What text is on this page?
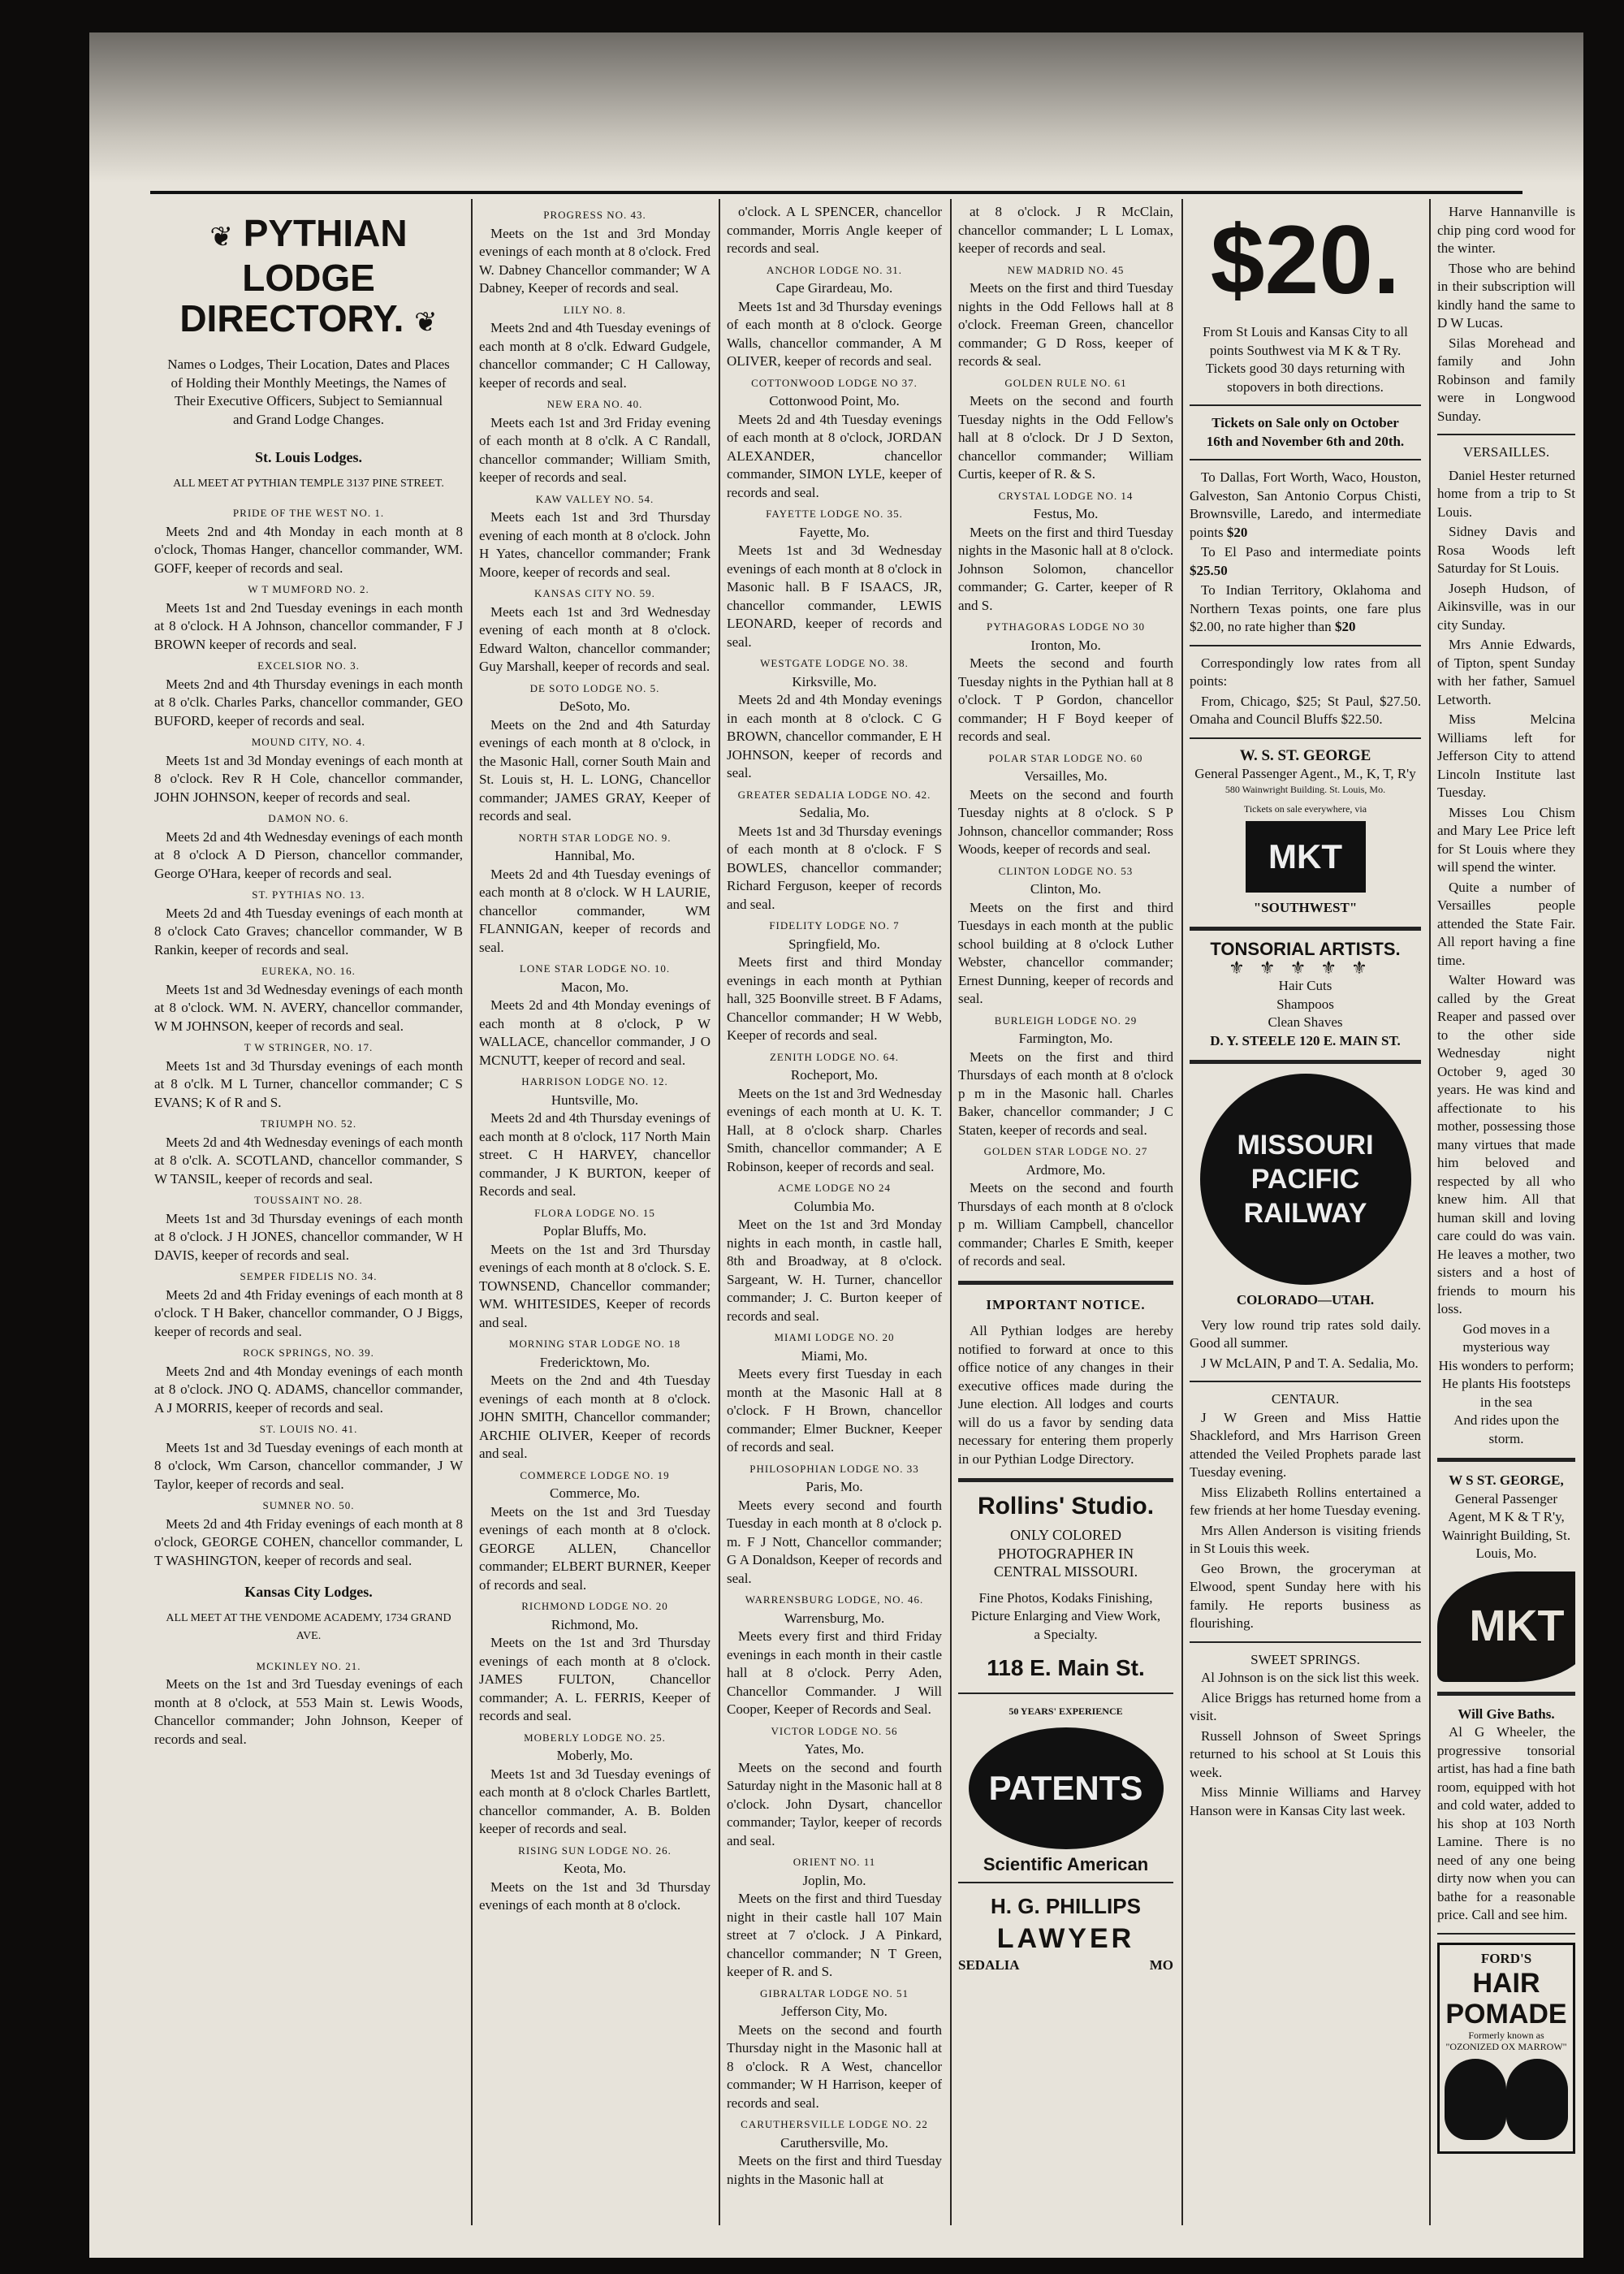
❦ PYTHIAN LODGE DIRECTORY. ❦
Names o Lodges, Their Location, Dates and Places of Holding their Monthly Meetings, the Names of Their Executive Officers, Subject to Semiannual and Grand Lodge Changes.
St. Louis Lodges.
ALL MEET AT PYTHIAN TEMPLE 3137 PINE STREET.
PRIDE OF THE WEST NO. 1.

Meets 2nd and 4th Monday in each month at 8 o'clock, Thomas Hanger, chancellor commander, WM. GOFF, keeper of records and seal.

W T MUMFORD NO. 2.

Meets 1st and 2nd Tuesday evenings in each month at 8 o'clock. H A Johnson, chancellor commander, F J BROWN keeper of records and seal.

EXCELSIOR NO. 3.

Meets 2nd and 4th Thursday evenings in each month at 8 o'clk. Charles Parks, chancellor commander, GEO BUFORD, keeper of records and seal.

MOUND CITY, NO. 4.

Meets 1st and 3d Monday evenings of each month at 8 o'clock. Rev R H Cole, chancellor commander, JOHN JOHNSON, keeper of records and seal.

DAMON NO. 6.

Meets 2d and 4th Wednesday evenings of each month at 8 o'clock A D Pierson, chancellor commander, George O'Hara, keeper of records and seal.

ST. PYTHIAS NO. 13.

Meets 2d and 4th Tuesday evenings of each month at 8 o'clock Cato Graves; chancellor commander, W B Rankin, keeper of records and seal.

EUREKA, NO. 16.

Meets 1st and 3d Wednesday evenings of each month at 8 o'clock. WM. N. AVERY, chancellor commander, W M JOHNSON, keeper of records and seal.

T W STRINGER, NO. 17.

Meets 1st and 3d Thursday evenings of each month at 8 o'clk. M L Turner, chancellor commander; C S EVANS; K of R and S.

TRIUMPH NO. 52.

Meets 2d and 4th Wednesday evenings of each month at 8 o'clk. A. SCOTLAND, chancellor commander, S W TANSIL, keeper of records and seal.

TOUSSAINT NO. 28.

Meets 1st and 3d Thursday evenings of each month at 8 o'clock. J H JONES, chancellor commander, W H DAVIS, keeper of records and seal.

SEMPER FIDELIS NO. 34.

Meets 2d and 4th Friday evenings of each month at 8 o'clock. T H Baker, chancellor commander, O J Biggs, keeper of records and seal.

ROCK SPRINGS, NO. 39.

Meets 2nd and 4th Monday evenings of each month at 8 o'clock. JNO Q. ADAMS, chancellor commander, A J MORRIS, keeper of records and seal.

ST. LOUIS NO. 41.

Meets 1st and 3d Tuesday evenings of each month at 8 o'clock, Wm Carson, chancellor commander, J W Taylor, keeper of records and seal.

SUMNER NO. 50.

Meets 2d and 4th Friday evenings of each month at 8 o'clock, GEORGE COHEN, chancellor commander, L T WASHINGTON, keeper of records and seal.

Kansas City Lodges.
ALL MEET AT THE VENDOME ACADEMY, 1734 GRAND AVE.
MCKINLEY NO. 21.

Meets on the 1st and 3rd Tuesday evenings of each month at 8 o'clock, at 553 Main st. Lewis Woods, Chancellor commander; John Johnson, Keeper of records and seal.

PROGRESS NO. 43.

Meets on the 1st and 3rd Monday evenings of each month at 8 o'clock. Fred W. Dabney Chancellor commander; W A Dabney, Keeper of records and seal.

LILY NO. 8.

Meets 2nd and 4th Tuesday evenings of each month at 8 o'clk. Edward Gudgele, chancellor commander; C H Calloway, keeper of records and seal.

NEW ERA NO. 40.

Meets each 1st and 3rd Friday evening of each month at 8 o'clk. A C Randall, chancellor commander; William Smith, keeper of records and seal.

KAW VALLEY NO. 54.

Meets each 1st and 3rd Thursday evening of each month at 8 o'clock. John H Yates, chancellor commander; Frank Moore, keeper of records and seal.

KANSAS CITY NO. 59.

Meets each 1st and 3rd Wednesday evening of each month at 8 o'clock. Edward Walton, chancellor commander; Guy Marshall, keeper of records and seal.

DE SOTO LODGE NO. 5.
DeSoto, Mo.

Meets on the 2nd and 4th Saturday evenings of each month at 8 o'clock, in the Masonic Hall, corner South Main and St. Louis st, H. L. LONG, Chancellor commander; JAMES GRAY, Keeper of records and seal.

NORTH STAR LODGE NO. 9.
Hannibal, Mo.

Meets 2d and 4th Tuesday evenings of each month at 8 o'clock. W H LAURIE, chancellor commander, WM FLANNIGAN, keeper of records and seal.

LONE STAR LODGE NO. 10.
Macon, Mo.

Meets 2d and 4th Monday evenings of each month at 8 o'clock, P W WALLACE, chancellor commander, J O MCNUTT, keeper of record and seal.

HARRISON LODGE NO. 12.
Huntsville, Mo.

Meets 2d and 4th Thursday evenings of each month at 8 o'clock, 117 North Main street. C H HARVEY, chancellor commander, J K BURTON, keeper of Records and seal.

FLORA LODGE NO. 15
Poplar Bluffs, Mo.

Meets on the 1st and 3rd Thursday evenings of each month at 8 o'clock. S. E. TOWNSEND, Chancellor commander; WM. WHITESIDES, Keeper of records and seal.

MORNING STAR LODGE NO. 18
Fredericktown, Mo.

Meets on the 2nd and 4th Tuesday evenings of each month at 8 o'clock. JOHN SMITH, Chancellor commander; ARCHIE OLIVER, Keeper of records and seal.

COMMERCE LODGE NO. 19
Commerce, Mo.

Meets on the 1st and 3rd Tuesday evenings of each month at 8 o'clock. GEORGE ALLEN, Chancellor commander; ELBERT BURNER, Keeper of records and seal.

RICHMOND LODGE NO. 20
Richmond, Mo.

Meets on the 1st and 3rd Thursday evenings of each month at 8 o'clock. JAMES FULTON, Chancellor commander; A. L. FERRIS, Keeper of records and seal.

MOBERLY LODGE NO. 25.
Moberly, Mo.

Meets 1st and 3d Tuesday evenings of each month at 8 o'clock Charles Bartlett, chancellor commander, A. B. Bolden keeper of records and seal.

RISING SUN LODGE NO. 26.
Keota, Mo.

Meets on the 1st and 3d Thursday evenings of each month at 8 o'clock.

o'clock. A L SPENCER, chancellor commander, Morris Angle keeper of records and seal.

ANCHOR LODGE NO. 31.
Cape Girardeau, Mo.

Meets 1st and 3d Thursday evenings of each month at 8 o'clock. George Walls, chancellor commander, A M OLIVER, keeper of records and seal.

COTTONWOOD LODGE NO 37.
Cottonwood Point, Mo.

Meets 2d and 4th Tuesday evenings of each month at 8 o'clock, JORDAN ALEXANDER, chancellor commander, SIMON LYLE, keeper of records and seal.

FAYETTE LODGE NO. 35.
Fayette, Mo.

Meets 1st and 3d Wednesday evenings of each month at 8 o'clock in Masonic hall. B F ISAACS, JR, chancellor commander, LEWIS LEONARD, keeper of records and seal.

WESTGATE LODGE NO. 38.
Kirksville, Mo.

Meets 2d and 4th Monday evenings in each month at 8 o'clock. C G BROWN, chancellor commander, E H JOHNSON, keeper of records and seal.

GREATER SEDALIA LODGE NO. 42.
Sedalia, Mo.

Meets 1st and 3d Thursday evenings of each month at 8 o'clock. F S BOWLES, chancellor commander; Richard Ferguson, keeper of records and seal.

FIDELITY LODGE NO. 7
Springfield, Mo.

Meets first and third Monday evenings in each month at Pythian hall, 325 Boonville street. B F Adams, Chancellor commander; H W Webb, Keeper of records and seal.

ZENITH LODGE NO. 64.
Rocheport, Mo.

Meets on the 1st and 3rd Wednesday evenings of each month at U. K. T. Hall, at 8 o'clock sharp. Charles Smith, chancellor commander; A E Robinson, keeper of records and seal.

ACME LODGE NO 24
Columbia Mo.

Meet on the 1st and 3rd Monday nights in each month, in castle hall, 8th and Broadway, at 8 o'clock. Sargeant, W. H. Turner, chancellor commander; J. C. Burton keeper of records and seal.

MIAMI LODGE NO. 20
Miami, Mo.

Meets every first Tuesday in each month at the Masonic Hall at 8 o'clock. F H Brown, chancellor commander; Elmer Buckner, Keeper of records and seal.

PHILOSOPHIAN LODGE NO. 33
Paris, Mo.

Meets every second and fourth Tuesday in each month at 8 o'clock p. m. F J Nott, Chancellor commander; G A Donaldson, Keeper of records and seal.

WARRENSBURG LODGE, NO. 46.
Warrensburg, Mo.

Meets every first and third Friday evenings in each month in their castle hall at 8 o'clock. Perry Aden, Chancellor Commander. J Will Cooper, Keeper of Records and Seal.

VICTOR LODGE NO. 56
Yates, Mo.

Meets on the second and fourth Saturday night in the Masonic hall at 8 o'clock. John Dysart, chancellor commander; Taylor, keeper of records and seal.

ORIENT NO. 11
Joplin, Mo.

Meets on the first and third Tuesday night in their castle hall 107 Main street at 7 o'clock. J A Pinkard, chancellor commander; N T Green, keeper of R. and S.

GIBRALTAR LODGE NO. 51
Jefferson City, Mo.

Meets on the second and fourth Thursday night in the Masonic hall at 8 o'clock. R A West, chancellor commander; W H Harrison, keeper of records and seal.

CARUTHERSVILLE LODGE NO. 22
Caruthersville, Mo.

Meets on the first and third Tuesday nights in the Masonic hall at

at 8 o'clock. J R McClain, chancellor commander; L L Lomax, keeper of records and seal.

NEW MADRID NO. 45

Meets on the first and third Tuesday nights in the Odd Fellows hall at 8 o'clock. Freeman Green, chancellor commander; G D Ross, keeper of records & seal.

GOLDEN RULE NO. 61

Meets on the second and fourth Tuesday nights in the Odd Fellow's hall at 8 o'clock. Dr J D Sexton, chancellor commander; William Curtis, keeper of R. & S.

CRYSTAL LODGE NO. 14
Festus, Mo.

Meets on the first and third Tuesday nights in the Masonic hall at 8 o'clock. Johnson Solomon, chancellor commander; G. Carter, keeper of R and S.

PYTHAGORAS LODGE NO 30
Ironton, Mo.

Meets the second and fourth Tuesday nights in the Pythian hall at 8 o'clock. T P Gordon, chancellor commander; H F Boyd keeper of records and seal.

POLAR STAR LODGE NO. 60
Versailles, Mo.

Meets on the second and fourth Tuesday nights at 8 o'clock. S P Johnson, chancellor commander; Ross Woods, keeper of records and seal.

CLINTON LODGE NO. 53
Clinton, Mo.

Meets on the first and third Tuesdays in each month at the public school building at 8 o'clock Luther Webster, chancellor commander; Ernest Dunning, keeper of records and seal.

BURLEIGH LODGE NO. 29
Farmington, Mo.

Meets on the first and third Thursdays of each month at 8 o'clock p m in the Masonic hall. Charles Baker, chancellor commander; J C Staten, keeper of records and seal.

GOLDEN STAR LODGE NO. 27
Ardmore, Mo.

Meets on the second and fourth Thursdays of each month at 8 o'clock p m. William Campbell, chancellor commander; Charles E Smith, keeper of records and seal.

IMPORTANT NOTICE.

All Pythian lodges are hereby notified to forward at once to this office notice of any changes in their executive offices made during the June election. All lodges and courts will do us a favor by sending data necessary for entering them properly in our Pythian Lodge Directory.

Rollins' Studio.
ONLY COLORED PHOTOGRAPHER IN CENTRAL MISSOURI.
Fine Photos, Kodaks Finishing, Picture Enlarging and View Work, a Specialty.
118 E. Main St.
50 YEARS' EXPERIENCE
PATENTS
Scientific American
H. G. PHILLIPS
LAWYER
SEDALIA	MO
$20.

From St Louis and Kansas City to all points Southwest via M K & T Ry. Tickets good 30 days returning with stopovers in both directions.

Tickets on Sale only on October 16th and November 6th and 20th.

To Dallas, Fort Worth, Waco, Houston, Galveston, San Antonio Corpus Chisti, Brownsville, Laredo, and intermediate points $20

To El Paso and intermediate points $25.50

To Indian Territory, Oklahoma and Northern Texas points, one fare plus $2.00, no rate higher than $20

Correspondingly low rates from all points:

From, Chicago, $25; St Paul, $27.50. Omaha and Council Bluffs $22.50.

W. S. ST. GEORGE
General Passenger Agent., M., K, T, R'y
580 Wainwright Building. St. Louis, Mo.
Tickets on sale everywhere, via
MKT
"SOUTHWEST"
TONSORIAL ARTISTS.
⚜⚜⚜⚜⚜
Hair Cuts
Shampoos
Clean Shaves
D. Y. STEELE 120 E. MAIN ST.
MISSOURI
PACIFIC
RAILWAY
COLORADO—UTAH.

Very low round trip rates sold daily. Good all summer.

J W McLAIN, P and T. A. Sedalia, Mo.

CENTAUR.

J W Green and Miss Hattie Shackleford, and Mrs Harrison Green attended the Veiled Prophets parade last Tuesday evening.

Miss Elizabeth Rollins entertained a few friends at her home Tuesday evening.

Mrs Allen Anderson is visiting friends in St Louis this week.

Geo Brown, the groceryman at Elwood, spent Sunday here with his family. He reports business as flourishing.

SWEET SPRINGS.

Al Johnson is on the sick list this week.

Alice Briggs has returned home from a visit.

Russell Johnson of Sweet Springs returned to his school at St Louis this week.

Miss Minnie Williams and Harvey Hanson were in Kansas City last week.

Harve Hannanville is chip ping cord wood for the winter.

Those who are behind in their subscription will kindly hand the same to D W Lucas.

Silas Morehead and family and John Robinson and family were in Longwood Sunday.

VERSAILLES.

Daniel Hester returned home from a trip to St Louis.

Sidney Davis and Rosa Woods left Saturday for St Louis.

Joseph Hudson, of Aikinsville, was in our city Sunday.

Mrs Annie Edwards, of Tipton, spent Sunday with her father, Samuel Letworth.

Miss Melcina Williams left for Jefferson City to attend Lincoln Institute last Tuesday.

Misses Lou Chism and Mary Lee Price left for St Louis where they will spend the winter.

Quite a number of Versailles people attended the State Fair. All report having a fine time.

Walter Howard was called by the Great Reaper and passed over to the other side Wednesday night October 9, aged 30 years. He was kind and affectionate to his mother, possessing those many virtues that made him beloved and respected by all who knew him. All that human skill and loving care could do was vain. He leaves a mother, two sisters and a host of friends to mourn his loss.

God moves in a mysterious way
His wonders to perform;
He plants His footsteps in the sea
And rides upon the storm.
W S ST. GEORGE,

General Passenger Agent, M K & T R'y, Wainright Building, St. Louis, Mo.

MKT
Will Give Baths.

Al G Wheeler, the progressive tonsorial artist, has had a fine bath room, equipped with hot and cold water, added to his shop at 103 North Lamine. There is no need of any one being dirty now when you can bathe for a reasonable price. Call and see him.

FORD'S
HAIR POMADE
Formerly known as "OZONIZED OX MARROW"
